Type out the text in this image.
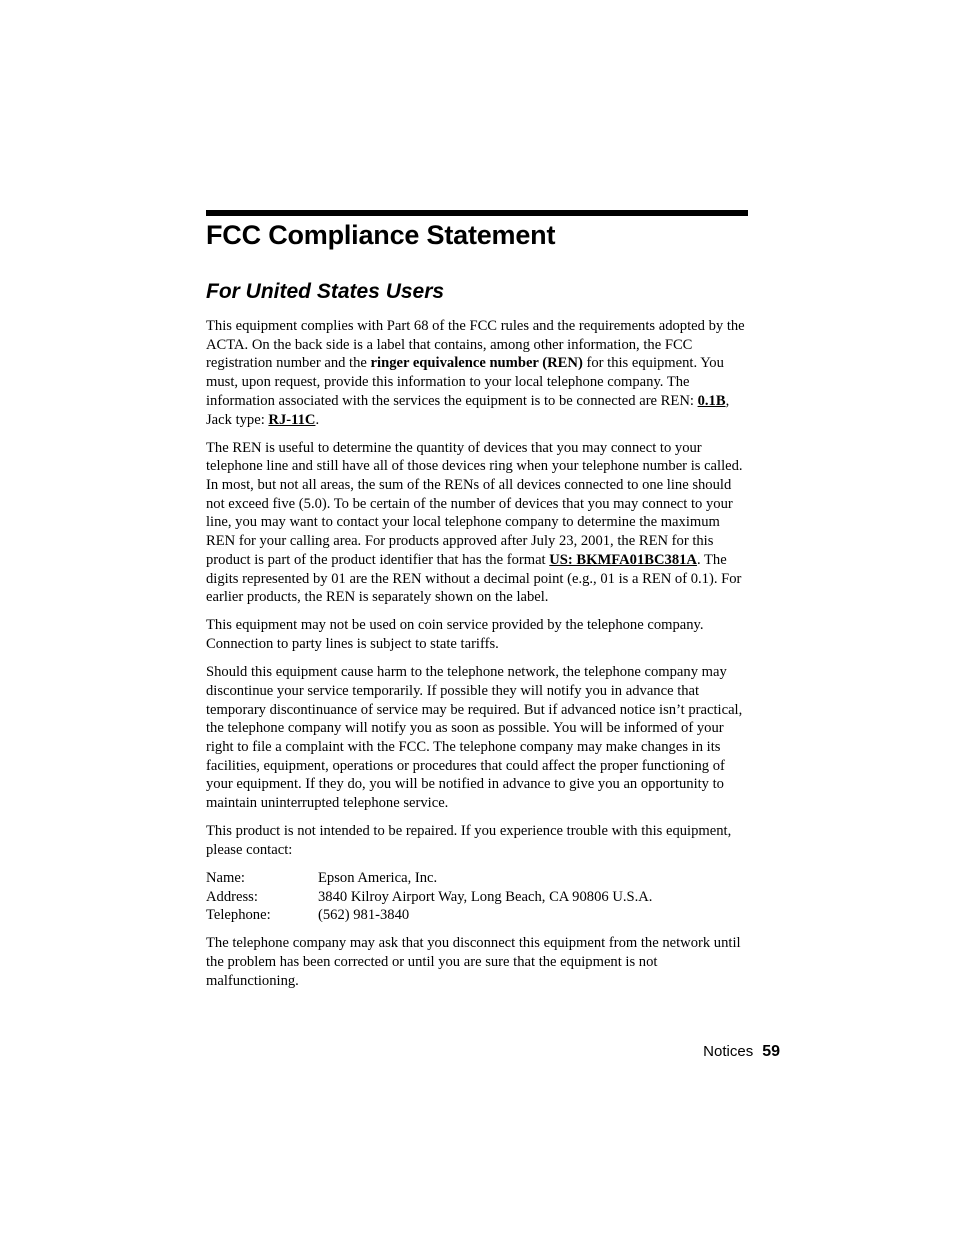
FCC Compliance Statement
For United States Users

This equipment complies with Part 68 of the FCC rules and the requirements adopted by the ACTA. On the back side is a label that contains, among other information, the FCC registration number and the ringer equivalence number (REN) for this equipment. You must, upon request, provide this information to your local telephone company. The information associated with the services the equipment is to be connected are REN: 0.1B, Jack type: RJ-11C.

The REN is useful to determine the quantity of devices that you may connect to your telephone line and still have all of those devices ring when your telephone number is called. In most, but not all areas, the sum of the RENs of all devices connected to one line should not exceed five (5.0). To be certain of the number of devices that you may connect to your line, you may want to contact your local telephone company to determine the maximum REN for your calling area. For products approved after July 23, 2001, the REN for this product is part of the product identifier that has the format US: BKMFA01BC381A. The digits represented by 01 are the REN without a decimal point (e.g., 01 is a REN of 0.1). For earlier products, the REN is separately shown on the label.

This equipment may not be used on coin service provided by the telephone company. Connection to party lines is subject to state tariffs.

Should this equipment cause harm to the telephone network, the telephone company may discontinue your service temporarily. If possible they will notify you in advance that temporary discontinuance of service may be required. But if advanced notice isn’t practical, the telephone company will notify you as soon as possible. You will be informed of your right to file a complaint with the FCC. The telephone company may make changes in its facilities, equipment, operations or procedures that could affect the proper functioning of your equipment. If they do, you will be notified in advance to give you an opportunity to maintain uninterrupted telephone service.

This product is not intended to be repaired. If you experience trouble with this equipment, please contact:

Name:	Epson America, Inc.
Address:	3840 Kilroy Airport Way, Long Beach, CA 90806 U.S.A.
Telephone:	(562) 981-3840

The telephone company may ask that you disconnect this equipment from the network until the problem has been corrected or until you are sure that the equipment is not malfunctioning.

Notices 59
